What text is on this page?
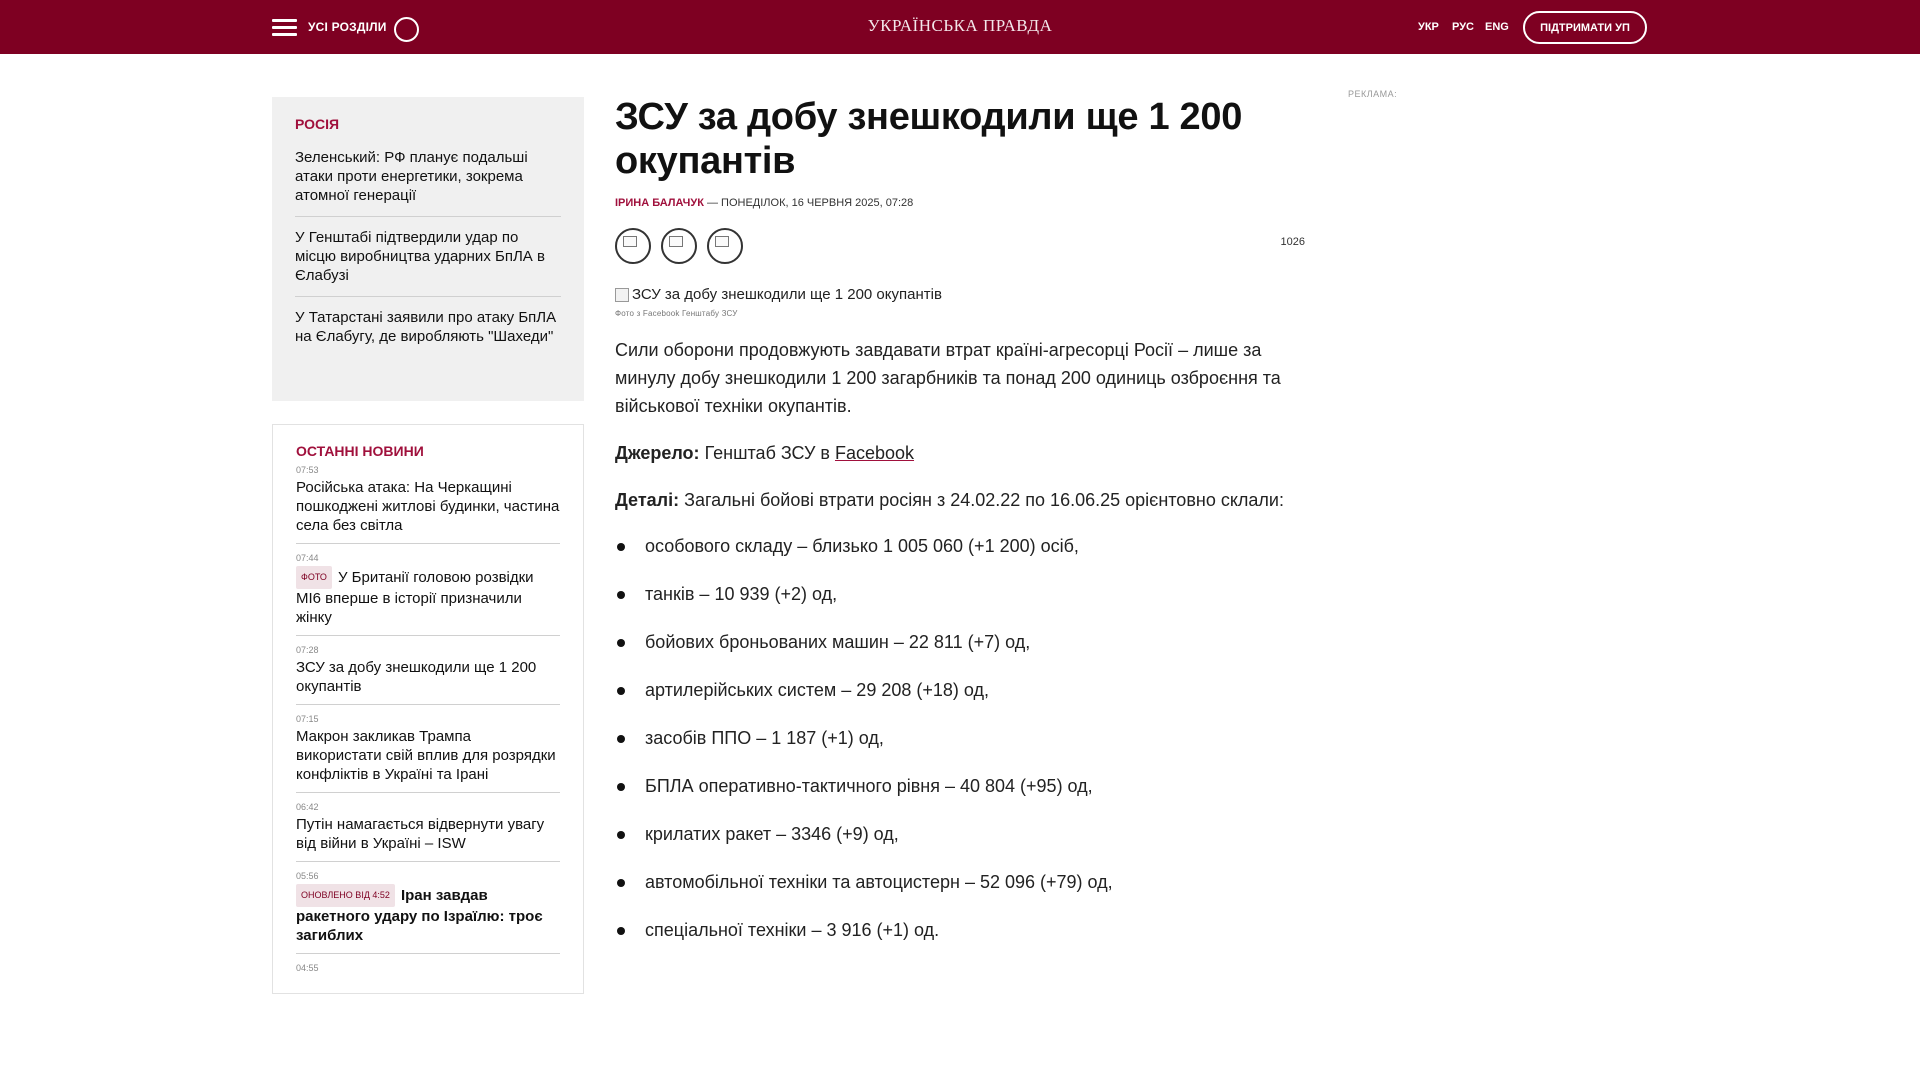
УСІ РОЗДІЛИ	УКРАЇНСЬКА ПРАВДА	УКР РУС ENG	ПІДТРИМАТИ УП
РОСІЯ
Зеленський: РФ планує подальші атаки проти енергетики, зокрема атомної генерації
У Генштабі підтвердили удар по місцю виробництва ударних БпЛА в Єлабузі
У Татарстані заявили про атаку БпЛА на Єлабугу, де виробляють "Шахеди"
ОСТАННІ НОВИНИ
07:53
Російська атака: На Черкащині пошкоджені житлові будинки, частина села без світла
07:44
ФОТО У Британії головою розвідки МІ6 вперше в історії призначили жінку
07:28
ЗСУ за добу знешкодили ще 1 200 окупантів
07:15
Макрон закликав Трампа використати свій вплив для розрядки конфліктів в Україні та Ірані
06:42
Путін намагається відвернути увагу від війни в Україні – ISW
05:56
ОНОВЛЕНО ВІД 4:52 Іран завдав ракетного удару по Ізраїлю: троє загиблих
04:55
ЗСУ за добу знешкодили ще 1 200 окупантів
ІРИНА БАЛАЧУК — ПОНЕДІЛОК, 16 ЧЕРВНЯ 2025, 07:28
1026
ЗСУ за добу знешкодили ще 1 200 окупантів
Фото з Facebook Генштабу ЗСУ

Сили оборони продовжують завдавати втрат країні-агресорці Росії – лише за минулу добу знешкодили 1 200 загарбників та понад 200 одиниць озброєння та військової техніки окупантів.

Джерело: Генштаб ЗСУ в Facebook

Деталі: Загальні бойові втрати росіян з 24.02.22 по 16.06.25 орієнтовно склали:

особового складу – близько 1 005 060 (+1 200) осіб,
танків – 10 939 (+2) од,
бойових броньованих машин – 22 811 (+7) од,
артилерійських систем – 29 208 (+18) од,
засобів ППО – 1 187 (+1) од,
БПЛА оперативно-тактичного рівня – 40 804 (+95) од,
крилатих ракет – 3346 (+9) од,
автомобільної техніки та автоцистерн – 52 096 (+79) од,
спеціальної техніки – 3 916 (+1) од.
РЕКЛАМА:
